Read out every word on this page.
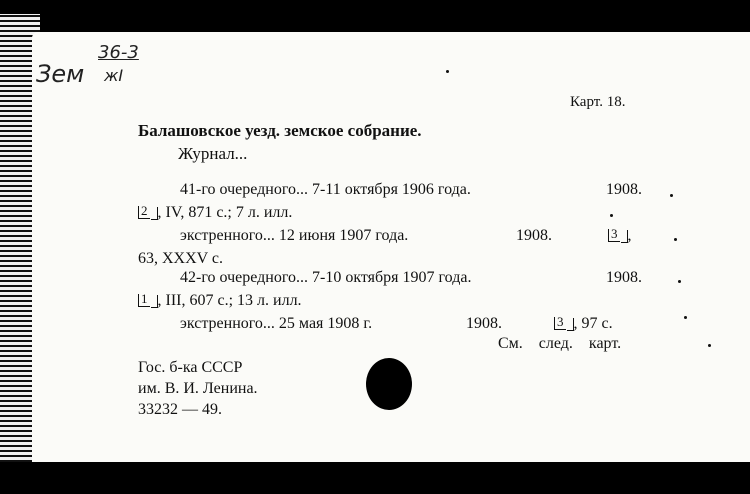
Зем
36-3
жI
Карт. 18.
Балашовское уезд. земское собрание.
Журнал...
41-го очередного... 7-11 октября 1906 года.	1908.
2 , IV, 871 с.; 7 л. илл.
экстренного... 12 июня 1907 года.	1908.	3  ,
63, XXXV с.
42-го очередного... 7-10 октября 1907 года.	1908.
1 , III, 607 с.; 13 л. илл.
экстренного... 25 мая 1908 г.	1908.	3 , 97 с.
См. след. карт.
Гос. б-ка СССР
им. В. И. Ленина.
33232 — 49.
